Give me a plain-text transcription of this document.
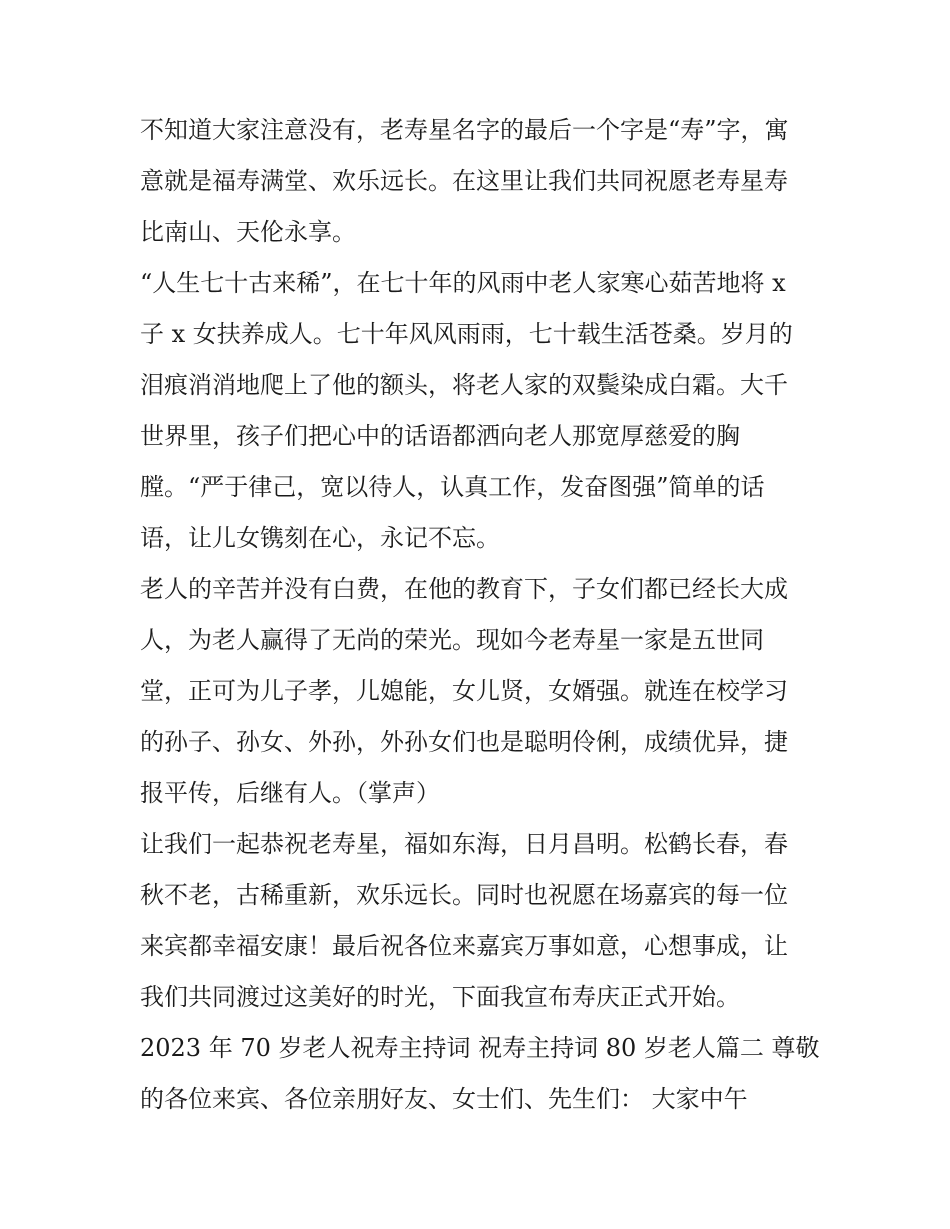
不知道大家注意没有，老寿星名字的最后一个字是“寿”字，寓
意就是福寿满堂、欢乐远长。在这里让我们共同祝愿老寿星寿
比南山、天伦永享。
“人生七十古来稀”，在七十年的风雨中老人家寒心茹苦地将 x
子 x 女扶养成人。七十年风风雨雨，七十载生活苍桑。岁月的
泪痕消消地爬上了他的额头，将老人家的双鬓染成白霜。大千
世界里，孩子们把心中的话语都洒向老人那宽厚慈爱的胸
膛。“严于律己，宽以待人，认真工作，发奋图强”简单的话
语，让儿女镌刻在心，永记不忘。
老人的辛苦并没有白费，在他的教育下，子女们都已经长大成
人，为老人赢得了无尚的荣光。现如今老寿星一家是五世同
堂，正可为儿子孝，儿媳能，女儿贤，女婿强。就连在校学习
的孙子、孙女、外孙，外孙女们也是聪明伶俐，成绩优异，捷
报平传，后继有人。（掌声）
让我们一起恭祝老寿星，福如东海，日月昌明。松鹤长春，春
秋不老，古稀重新，欢乐远长。同时也祝愿在场嘉宾的每一位
来宾都幸福安康！最后祝各位来嘉宾万事如意，心想事成，让
我们共同渡过这美好的时光，下面我宣布寿庆正式开始。
2023 年 70 岁老人祝寿主持词 祝寿主持词 80 岁老人篇二 尊敬
的各位来宾、各位亲朋好友、女士们、先生们： 大家中午
